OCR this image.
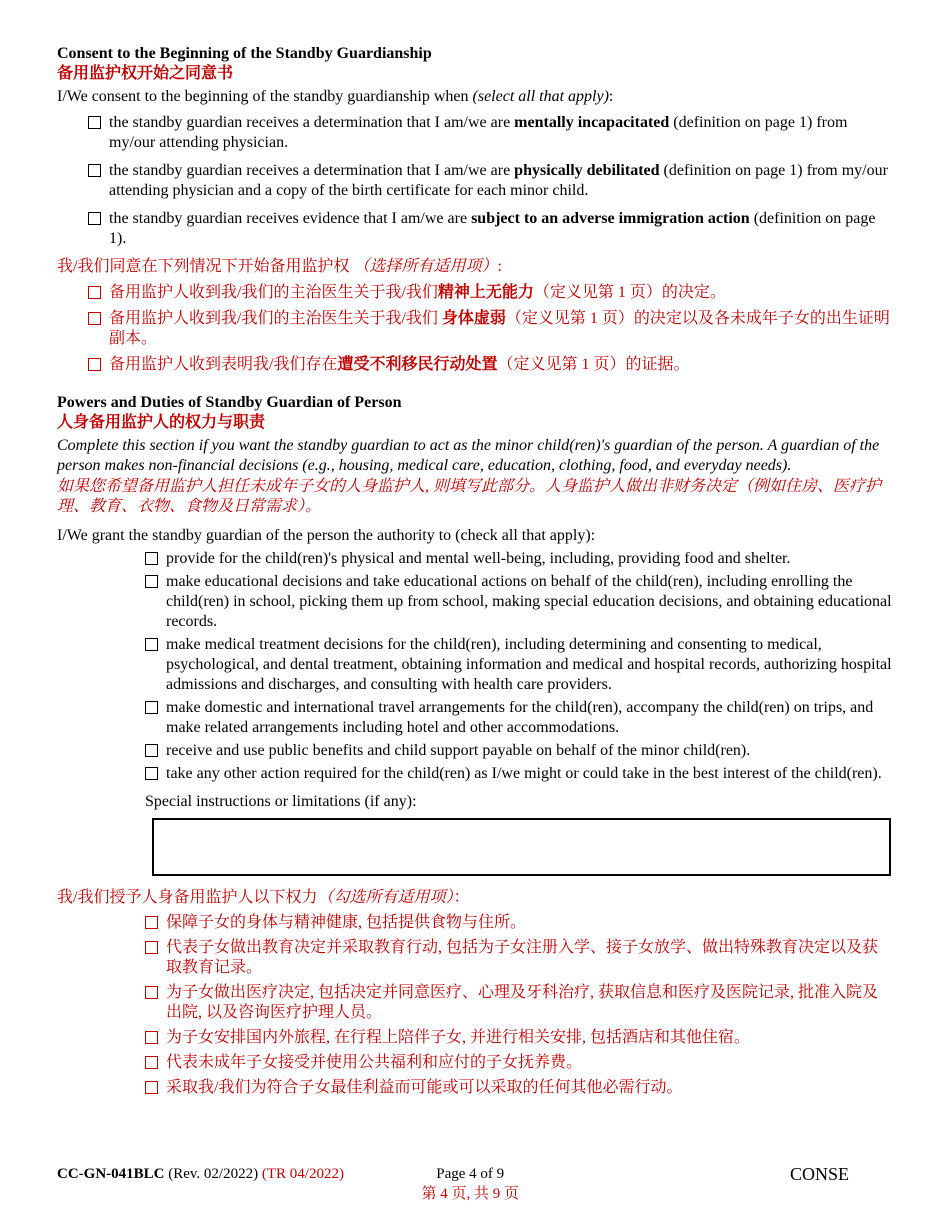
Consent to the Beginning of the Standby Guardianship
备用监护权开始之同意书
I/We consent to the beginning of the standby guardianship when (select all that apply):
the standby guardian receives a determination that I am/we are mentally incapacitated (definition on page 1) from my/our attending physician.
the standby guardian receives a determination that I am/we are physically debilitated (definition on page 1) from my/our attending physician and a copy of the birth certificate for each minor child.
the standby guardian receives evidence that I am/we are subject to an adverse immigration action (definition on page 1).
我/我们同意在下列情况下开始备用监护权 （选择所有适用项）:
备用监护人收到我/我们的主治医生关于我/我们精神上无能力（定义见第 1 页）的决定。
备用监护人收到我/我们的主治医生关于我/我们 身体虚弱（定义见第 1 页）的决定以及各未成年子女的出生证明副本。
备用监护人收到表明我/我们存在遭受不利移民行动处置（定义见第 1 页）的证据。
Powers and Duties of Standby Guardian of Person
人身备用监护人的权力与职责
Complete this section if you want the standby guardian to act as the minor child(ren)'s guardian of the person. A guardian of the person makes non-financial decisions (e.g., housing, medical care, education, clothing, food, and everyday needs).
如果您希望备用监护人担任未成年子女的人身监护人, 则填写此部分。人身监护人做出非财务决定（例如住房、医疗护理、教育、衣物、食物及日常需求）。
I/We grant the standby guardian of the person the authority to (check all that apply):
provide for the child(ren)'s physical and mental well-being, including, providing food and shelter.
make educational decisions and take educational actions on behalf of the child(ren), including enrolling the child(ren) in school, picking them up from school, making special education decisions, and obtaining educational records.
make medical treatment decisions for the child(ren), including determining and consenting to medical, psychological, and dental treatment, obtaining information and medical and hospital records, authorizing hospital admissions and discharges, and consulting with health care providers.
make domestic and international travel arrangements for the child(ren), accompany the child(ren) on trips, and make related arrangements including hotel and other accommodations.
receive and use public benefits and child support payable on behalf of the minor child(ren).
take any other action required for the child(ren) as I/we might or could take in the best interest of the child(ren).
Special instructions or limitations (if any):
我/我们授予人身备用监护人以下权力（勾选所有适用项）：
保障子女的身体与精神健康, 包括提供食物与住所。
代表子女做出教育决定并采取教育行动, 包括为子女注册入学、接子女放学、做出特殊教育决定以及获取教育记录。
为子女做出医疗决定, 包括决定并同意医疗、心理及牙科治疗, 获取信息和医疗及医院记录, 批准入院及出院, 以及咨询医疗护理人员。
为子女安排国内外旅程, 在行程上陪伴子女, 并进行相关安排, 包括酒店和其他住宿。
代表未成年子女接受并使用公共福利和应付的子女抚养费。
采取我/我们为符合子女最佳利益而可能或可以采取的任何其他必需行动。
CC-GN-041BLC (Rev. 02/2022) (TR 04/2022)	Page 4 of 9
第 4 页, 共 9 页
CONSE
